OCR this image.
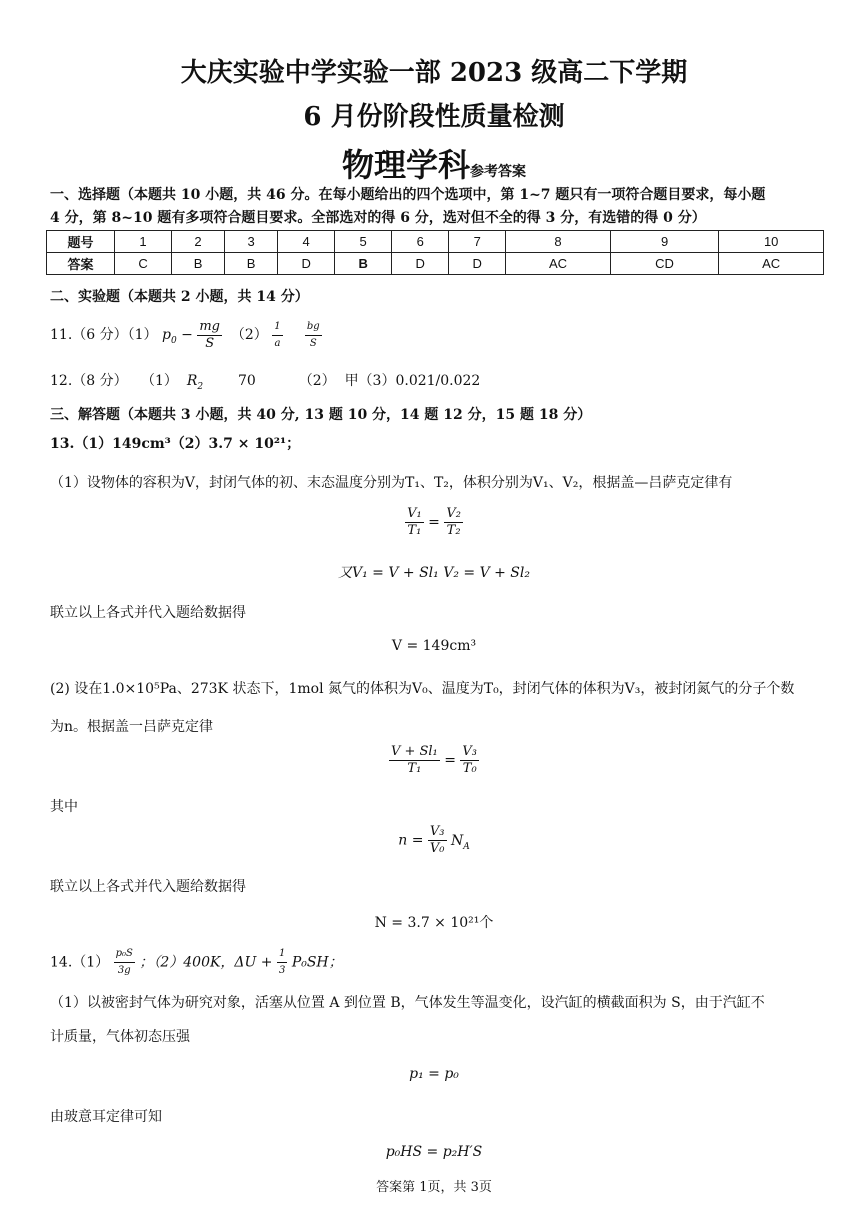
大庆实验中学实验一部 2023 级高二下学期
6 月份阶段性质量检测
物理学科参考答案
一、选择题（本题共 10 小题，共 46 分。在每小题给出的四个选项中，第 1~7 题只有一项符合题目要求，每小题
4 分，第 8~10 题有多项符合题目要求。全部选对的得 6 分，选对但不全的得 3 分，有选错的得 0 分）
题号	1	2	3	4	5	6	7	8	9	10
答案	C	B	B	D	B	D	D	AC	CD	AC
二、实验题（本题共 2 小题，共 14 分）
11.（6 分）（1） $p_0 - \frac{mg}{S} (2) \frac{1}{a}$
$\frac{bg}{S}$
12.（8 分） （1） $R_2$ 70	（2） 甲（3）0.021/0.022
三、解答题（本题共 3 小题，共 40 分, 13 题 10 分，14 题 12 分，15 题 18 分）
13.（1）149cm³（2）3.7 × 10²¹；
（1）设物体的容积为V，封闭气体的初、末态温度分别为T₁、T₂，体积分别为V₁、V₂，根据盖—吕萨克定律有
$\frac{\text{V₁}}{\text{T₁}} = \frac{\text{V₂}}{\text{T₂}}$
又V₁ = V + Sl₁ V₂ = V + Sl₂
联立以上各式并代入题给数据得
V = 149cm³
(2) 设在1.0×10⁵Pa、273K 状态下，1mol 氮气的体积为V₀、温度为T₀，封闭气体的体积为V₃，被封闭氮气的分子个数
为n。根据盖一吕萨克定律
$\frac{\text{V + Sl₁}}{\text{T₁}} = \frac{\text{V₃}}{\text{T₀}}$
其中
$n = \frac{\text{V₃}}{\text{V₀}} N_A$
联立以上各式并代入题给数据得
N = 3.7 × 10²¹个
$14.(1) \frac{\text{p₀S}}{3g}$ ；（2）400K，$\Delta U + \frac{1}{3} P_0SH$；
（1）以被密封气体为研究对象，活塞从位置 A 到位置 B，气体发生等温变化，设汽缸的横截面积为 S，由于汽缸不
计质量，气体初态压强
p₁ = p₀
由玻意耳定律可知
p₀HS = p₂H′S
答案第 1页，共 3页
